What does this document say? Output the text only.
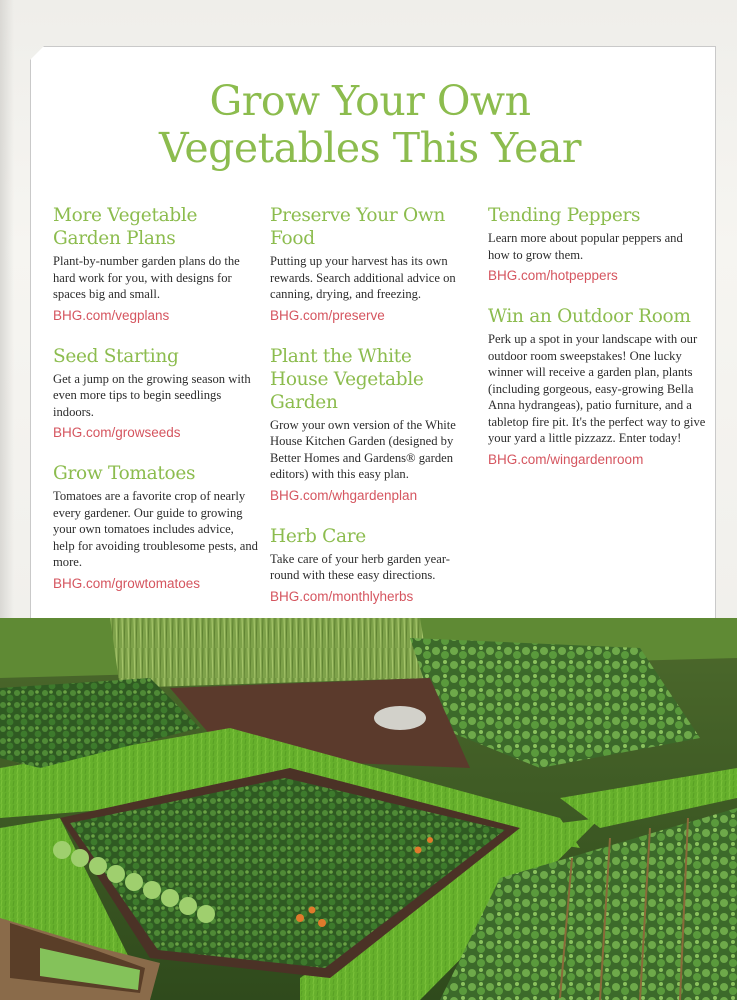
Grow Your Own
Vegetables This Year
More Vegetable Garden Plans
Plant-by-number garden plans do the hard work for you, with designs for spaces big and small.
BHG.com/vegplans
Seed Starting
Get a jump on the growing season with even more tips to begin seedlings indoors.
BHG.com/growseeds
Grow Tomatoes
Tomatoes are a favorite crop of nearly every gardener. Our guide to growing your own tomatoes includes advice, help for avoiding troublesome pests, and more.
BHG.com/growtomatoes
Preserve Your Own Food
Putting up your harvest has its own rewards. Search additional advice on canning, drying, and freezing.
BHG.com/preserve
Plant the White House Vegetable Garden
Grow your own version of the White House Kitchen Garden (designed by Better Homes and Gardens® garden editors) with this easy plan.
BHG.com/whgardenplan
Herb Care
Take care of your herb garden year-round with these easy directions.
BHG.com/monthlyherbs
Tending Peppers
Learn more about popular peppers and how to grow them.
BHG.com/hotpeppers
Win an Outdoor Room
Perk up a spot in your landscape with our outdoor room sweepstakes! One lucky winner will receive a garden plan, plants (including gorgeous, easy-growing Bella Anna hydrangeas), patio furniture, and a tabletop fire pit. It's the perfect way to give your yard a little pizzazz. Enter today!
BHG.com/wingardenroom
